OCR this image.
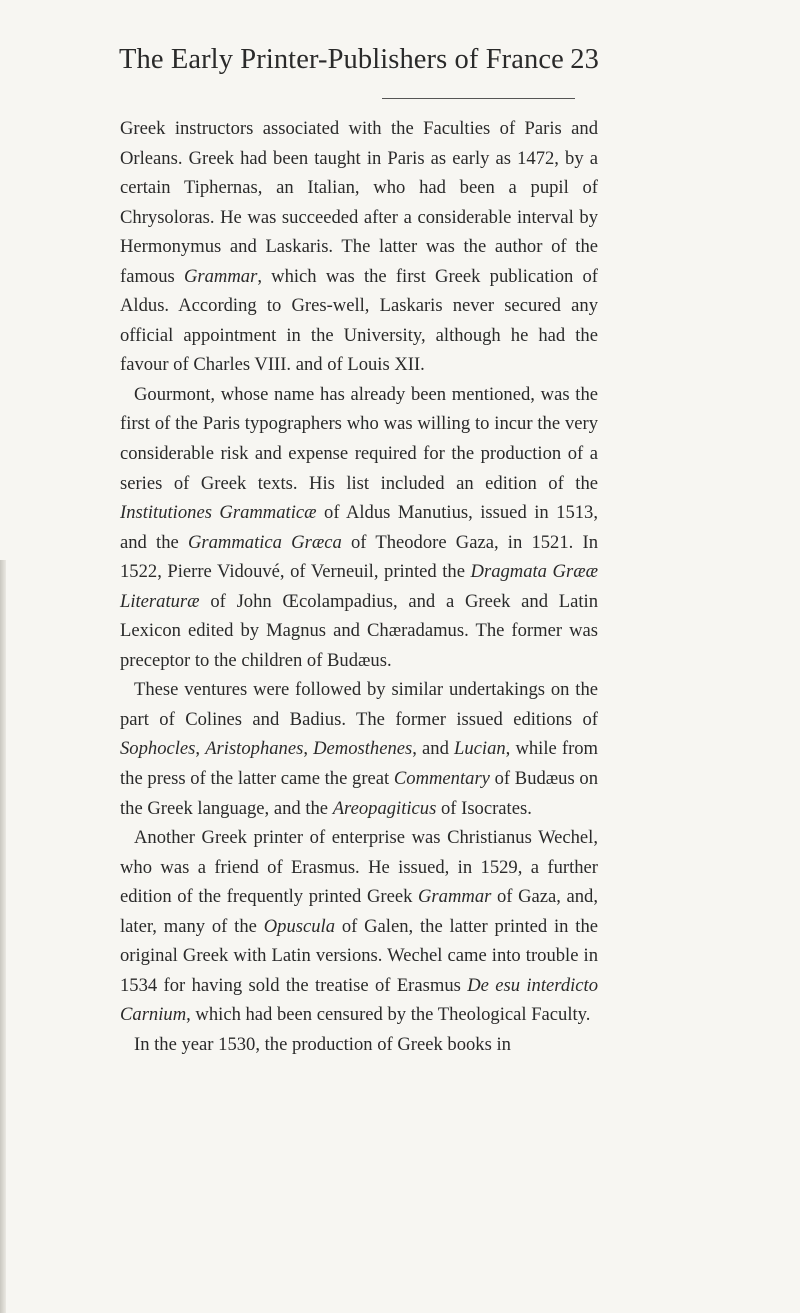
The Early Printer-Publishers of France 23

Greek instructors associated with the Faculties of Paris and Orleans. Greek had been taught in Paris as early as 1472, by a certain Tiphernas, an Italian, who had been a pupil of Chrysoloras. He was succeeded after a considerable interval by Hermonymus and Laskaris. The latter was the author of the famous Grammar, which was the first Greek publication of Aldus. According to Gres-well, Laskaris never secured any official appointment in the University, although he had the favour of Charles VIII. and of Louis XII.

Gourmont, whose name has already been mentioned, was the first of the Paris typographers who was willing to incur the very considerable risk and expense required for the production of a series of Greek texts. His list included an edition of the Institutiones Grammaticæ of Aldus Manutius, issued in 1513, and the Grammatica Græca of Theodore Gaza, in 1521. In 1522, Pierre Vidouvé, of Verneuil, printed the Dragmata Grææ Literaturæ of John Œcolampadius, and a Greek and Latin Lexicon edited by Magnus and Chæradamus. The former was preceptor to the children of Budæus.

These ventures were followed by similar undertakings on the part of Colines and Badius. The former issued editions of Sophocles, Aristophanes, Demosthenes, and Lucian, while from the press of the latter came the great Commentary of Budæus on the Greek language, and the Areopagiticus of Isocrates.

Another Greek printer of enterprise was Christianus Wechel, who was a friend of Erasmus. He issued, in 1529, a further edition of the frequently printed Greek Grammar of Gaza, and, later, many of the Opuscula of Galen, the latter printed in the original Greek with Latin versions. Wechel came into trouble in 1534 for having sold the treatise of Erasmus De esu interdicto Carnium, which had been censured by the Theological Faculty.

In the year 1530, the production of Greek books in
